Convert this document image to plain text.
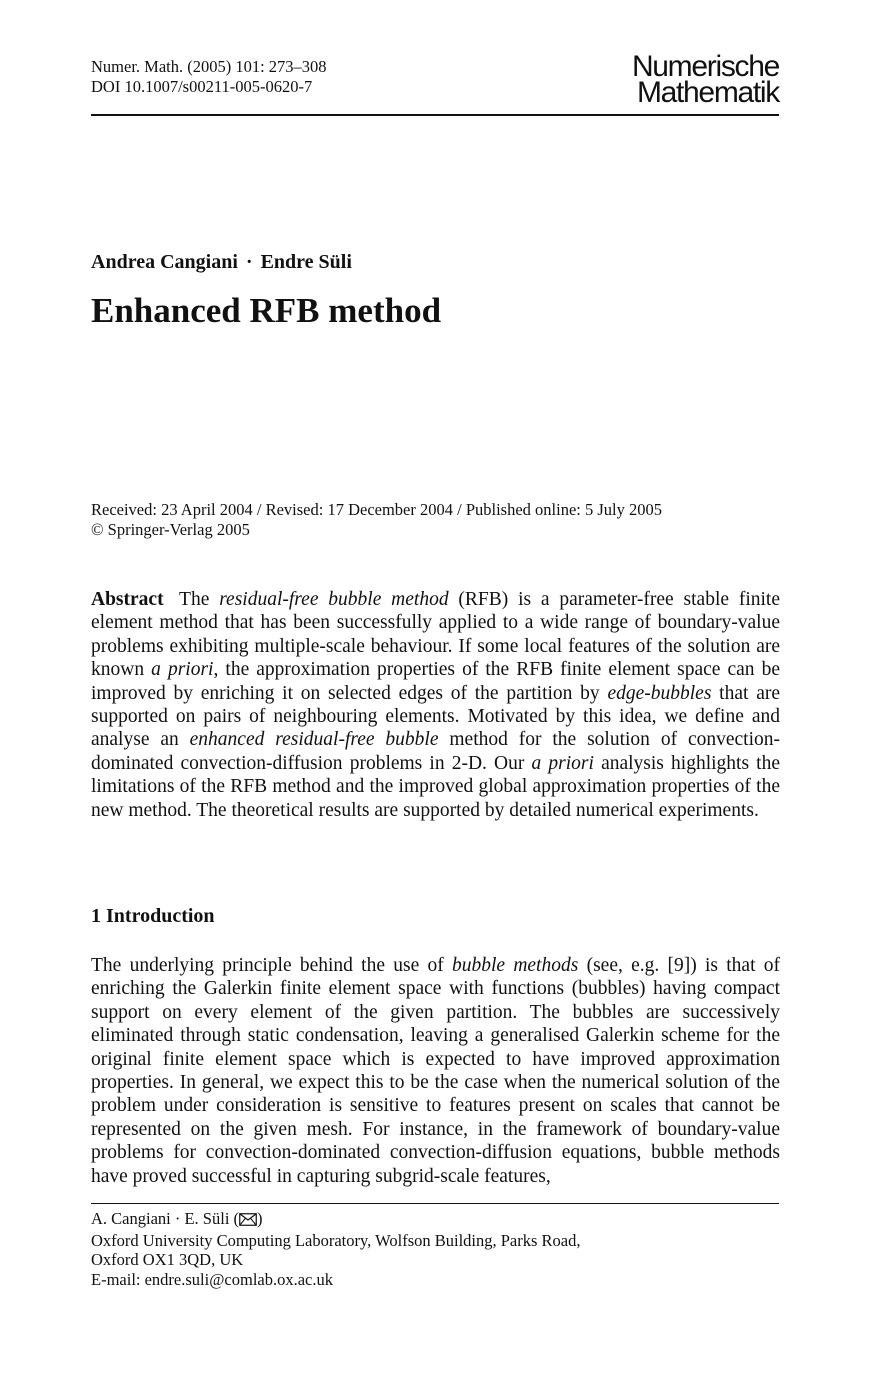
Numer. Math. (2005) 101: 273–308
DOI 10.1007/s00211-005-0620-7
Numerische
Mathematik
Andrea Cangiani · Endre Süli
Enhanced RFB method
Received: 23 April 2004 / Revised: 17 December 2004 / Published online: 5 July 2005
© Springer-Verlag 2005
Abstract The residual-free bubble method (RFB) is a parameter-free stable finite element method that has been successfully applied to a wide range of boundary-value problems exhibiting multiple-scale behaviour. If some local features of the solution are known a priori, the approximation properties of the RFB finite element space can be improved by enriching it on selected edges of the partition by edge-bubbles that are supported on pairs of neighbouring elements. Motivated by this idea, we define and analyse an enhanced residual-free bubble method for the solution of convection-dominated convection-diffusion problems in 2-D. Our a priori analysis highlights the limitations of the RFB method and the improved global approximation properties of the new method. The theoretical results are supported by detailed numerical experiments.
1 Introduction
The underlying principle behind the use of bubble methods (see, e.g. [9]) is that of enriching the Galerkin finite element space with functions (bubbles) having compact support on every element of the given partition. The bubbles are successively eliminated through static condensation, leaving a generalised Galerkin scheme for the original finite element space which is expected to have improved approximation properties. In general, we expect this to be the case when the numerical solution of the problem under consideration is sensitive to features present on scales that cannot be represented on the given mesh. For instance, in the framework of boundary-value problems for convection-dominated convection-diffusion equations, bubble methods have proved successful in capturing subgrid-scale features,
A. Cangiani · E. Süli ( )
Oxford University Computing Laboratory, Wolfson Building, Parks Road,
Oxford OX1 3QD, UK
E-mail: endre.suli@comlab.ox.ac.uk
